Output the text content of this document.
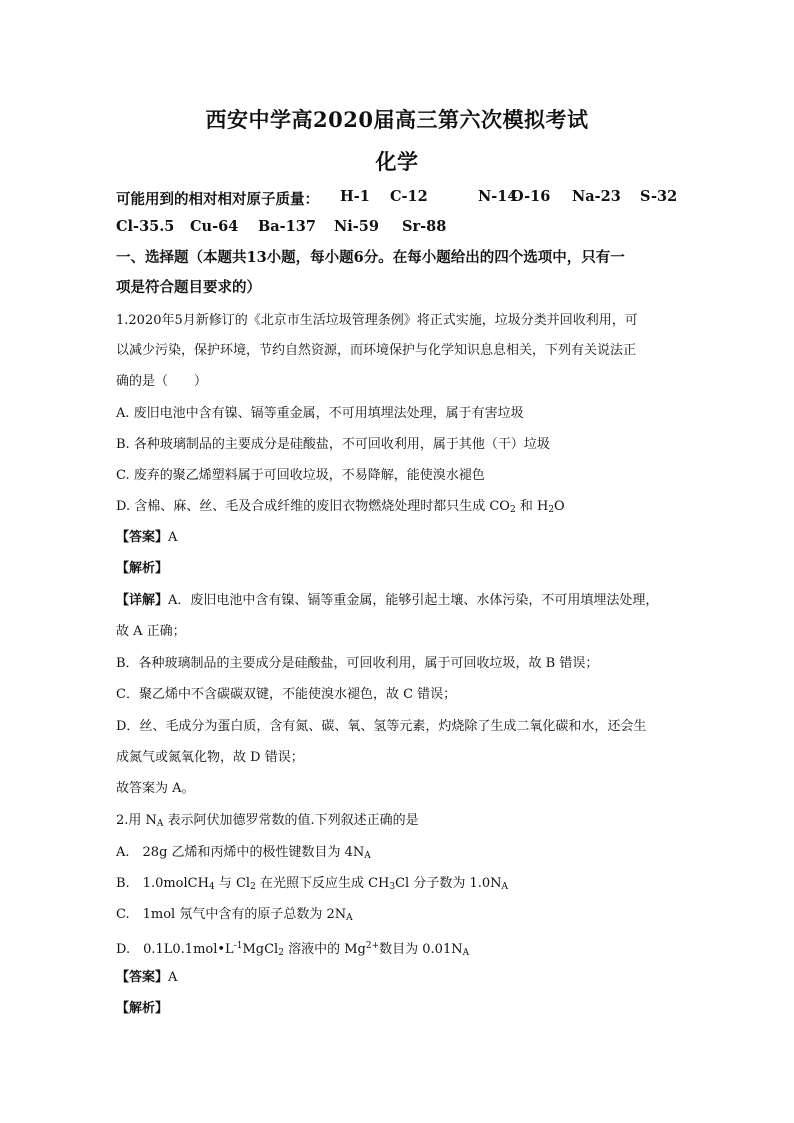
西安中学高2020届高三第六次模拟考试
化学
可能用到的相对相对原子质量： H-1 C-12	N-14
O-16 Na-23 S-32
Cl-35.5 Cu-64 Ba-137 Ni-59 Sr-88
一、选择题（本题共13小题，每小题6分。在每小题给出的四个选项中，只有一
项是符合题目要求的）
1.2020年5月新修订的《北京市生活垃圾管理条例》将正式实施，垃圾分类并回收利用，可
以减少污染，保护环境，节约自然资源，而环境保护与化学知识息息相关，下列有关说法正
确的是（　　）
A. 废旧电池中含有镍、镉等重金属，不可用填埋法处理，属于有害垃圾
B. 各种玻璃制品的主要成分是硅酸盐，不可回收利用，属于其他（干）垃圾
C. 废弃的聚乙烯塑料属于可回收垃圾，不易降解，能使溴水褪色
D. 含棉、麻、丝、毛及合成纤维的废旧衣物燃烧处理时都只生成 $CO_2$ 和 $H_2O$
【答案】A
【解析】
【详解】A．废旧电池中含有镍、镉等重金属，能够引起土壤、水体污染，不可用填埋法处理，
故 A 正确；
B．各种玻璃制品的主要成分是硅酸盐，可回收利用，属于可回收垃圾，故 B 错误；
C．聚乙烯中不含碳碳双键，不能使溴水褪色，故 C 错误；
D．丝、毛成分为蛋白质，含有氮、碳、氧、氢等元素，灼烧除了生成二氧化碳和水，还会生
成氮气或氮氧化物，故 D 错误；
故答案为 A。
2.用 $N_A$ 表示阿伏加德罗常数的值.下列叙述正确的是
A.　28g 乙烯和丙烯中的极性键数目为 $4N_A$
B.　1.0molCH$_4$ 与 $Cl_2$ 在光照下反应生成 $CH_3Cl$ 分子数为 $1.0N_A$
C.　1mol 氖气中含有的原子总数为 $2N_A$
D.　$0.1L0.1mol•L^{-1}MgCl_2$ 溶液中的 $Mg^{2+}$数目为 $0.01N_A$
【答案】A
【解析】
